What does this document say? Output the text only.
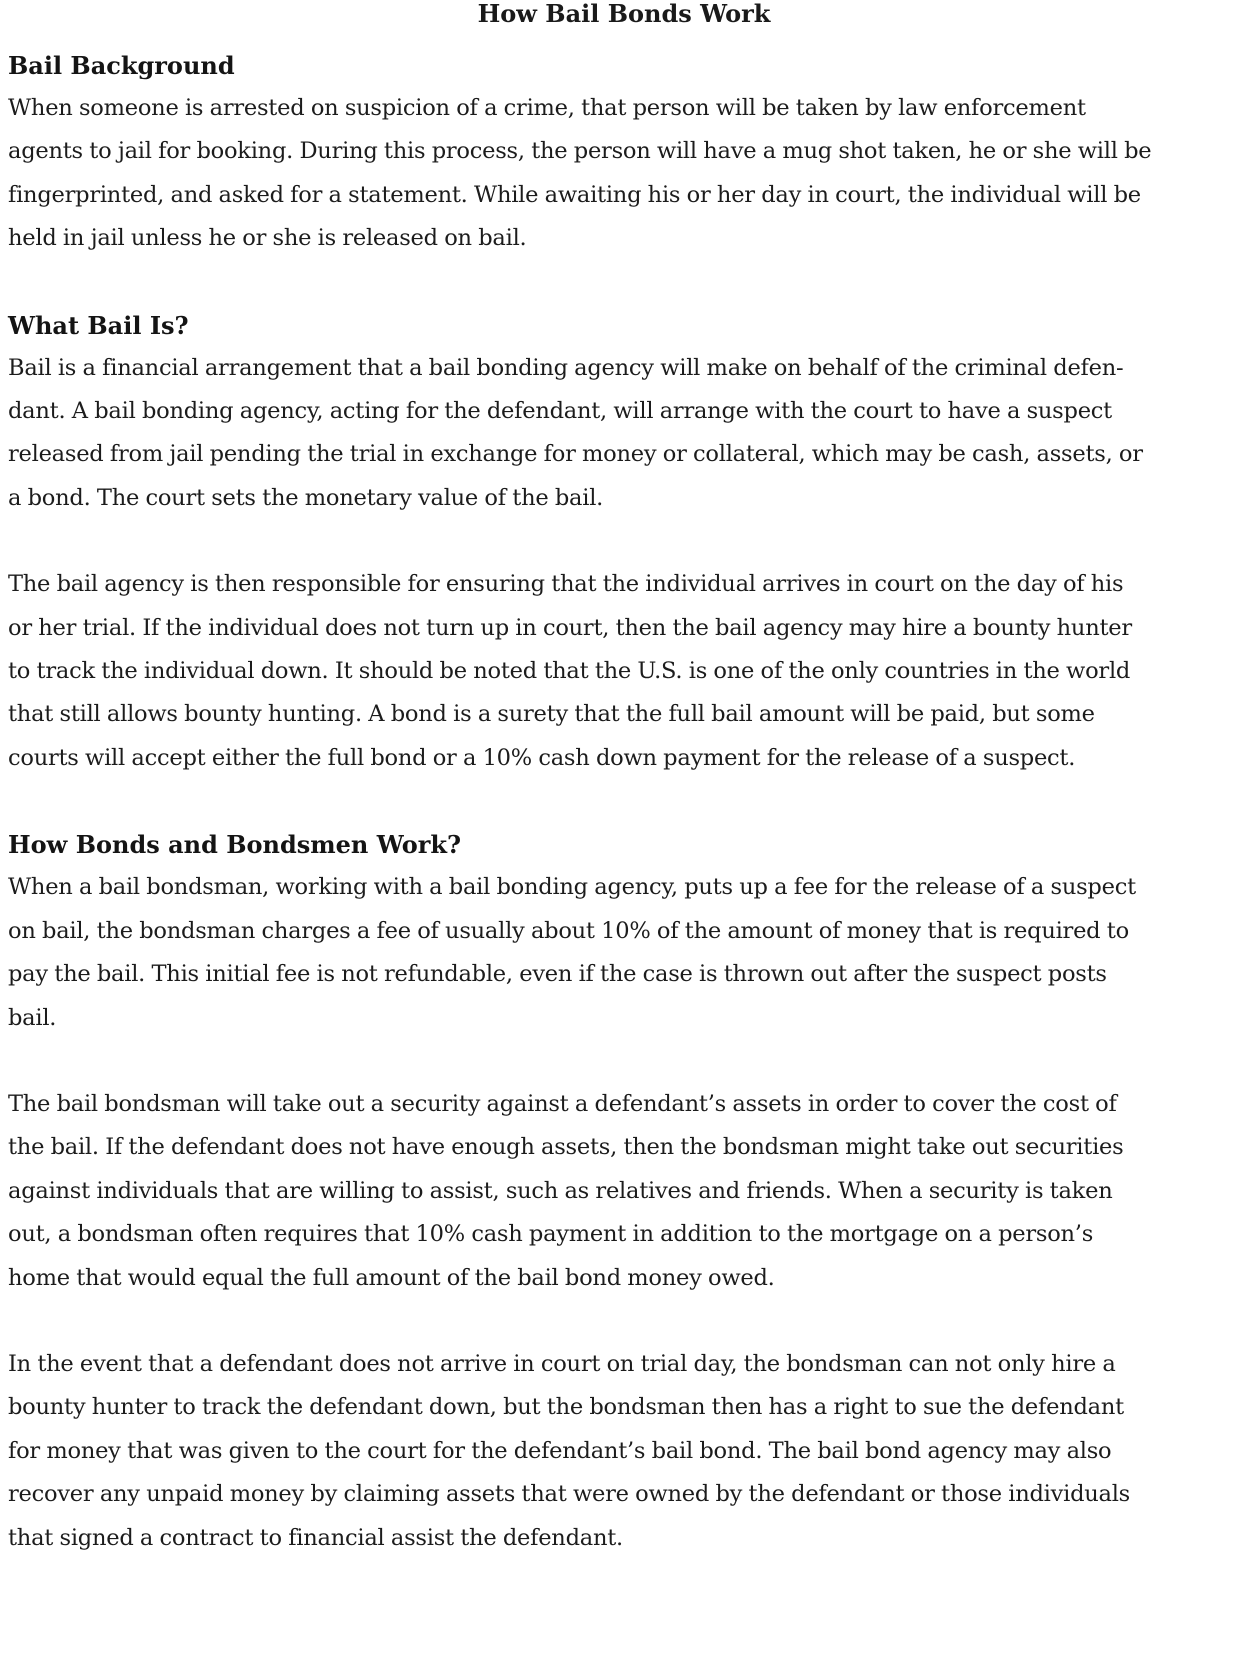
How Bail Bonds Work
Bail Background

When someone is arrested on suspicion of a crime, that person will be taken by law enforcement
agents to jail for booking. During this process, the person will have a mug shot taken, he or she will be
fingerprinted, and asked for a statement. While awaiting his or her day in court, the individual will be
held in jail unless he or she is released on bail.

What Bail Is?

Bail is a financial arrangement that a bail bonding agency will make on behalf of the criminal defen-
dant. A bail bonding agency, acting for the defendant, will arrange with the court to have a suspect
released from jail pending the trial in exchange for money or collateral, which may be cash, assets, or
a bond. The court sets the monetary value of the bail.

The bail agency is then responsible for ensuring that the individual arrives in court on the day of his
or her trial. If the individual does not turn up in court, then the bail agency may hire a bounty hunter
to track the individual down. It should be noted that the U.S. is one of the only countries in the world
that still allows bounty hunting. A bond is a surety that the full bail amount will be paid, but some
courts will accept either the full bond or a 10% cash down payment for the release of a suspect.

How Bonds and Bondsmen Work?

When a bail bondsman, working with a bail bonding agency, puts up a fee for the release of a suspect
on bail, the bondsman charges a fee of usually about 10% of the amount of money that is required to
pay the bail. This initial fee is not refundable, even if the case is thrown out after the suspect posts
bail.

The bail bondsman will take out a security against a defendant’s assets in order to cover the cost of
the bail. If the defendant does not have enough assets, then the bondsman might take out securities
against individuals that are willing to assist, such as relatives and friends. When a security is taken
out, a bondsman often requires that 10% cash payment in addition to the mortgage on a person’s
home that would equal the full amount of the bail bond money owed.

In the event that a defendant does not arrive in court on trial day, the bondsman can not only hire a
bounty hunter to track the defendant down, but the bondsman then has a right to sue the defendant
for money that was given to the court for the defendant’s bail bond. The bail bond agency may also
recover any unpaid money by claiming assets that were owned by the defendant or those individuals
that signed a contract to financial assist the defendant.
